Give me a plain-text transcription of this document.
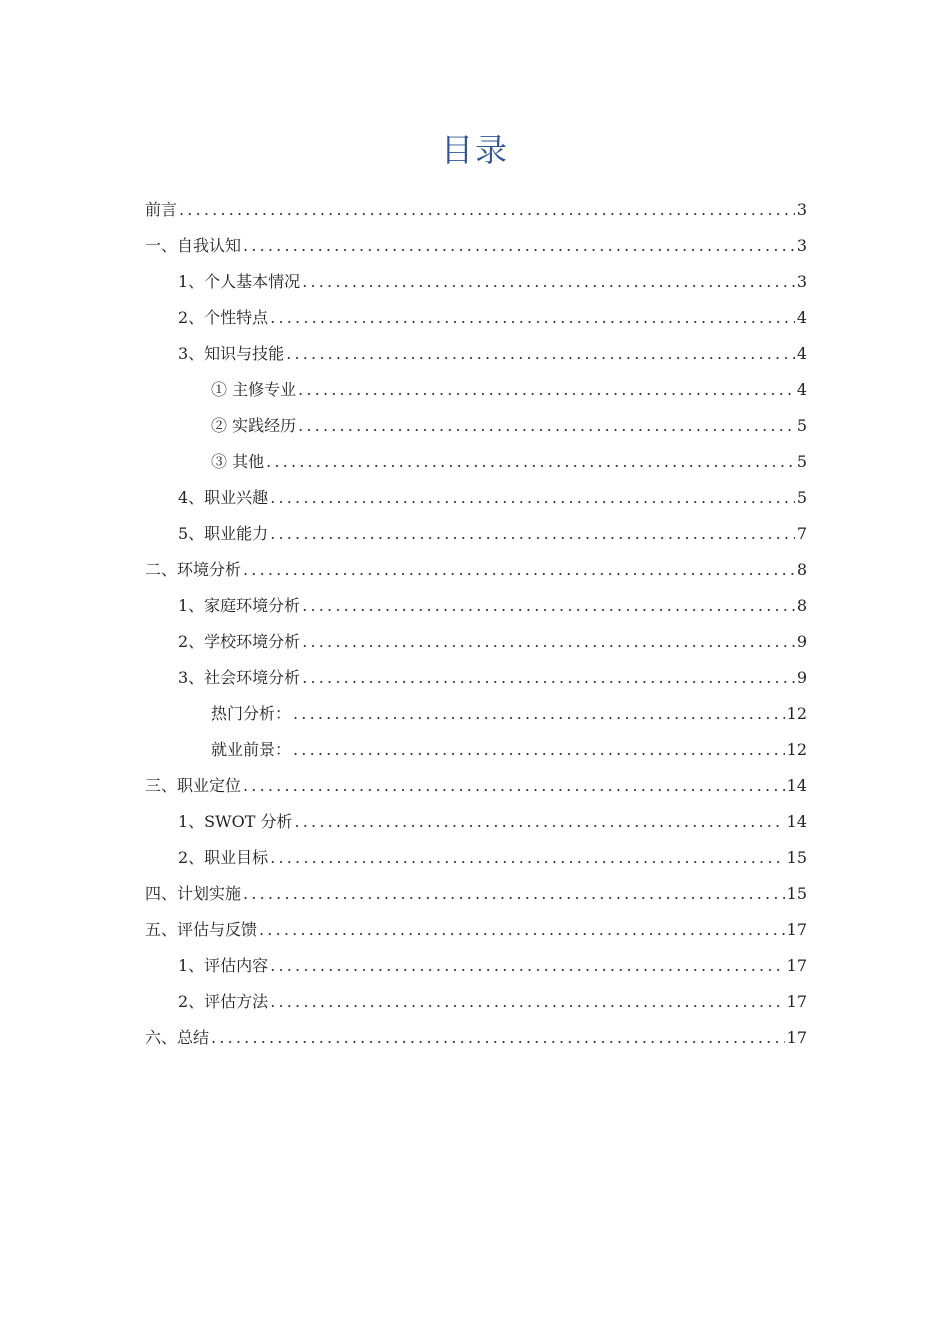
目录
前言 .....	3
一、自我认知 .....	3
1、个人基本情况 .....	3
2、个性特点 .....	4
3、知识与技能 .....	4
① 主修专业 .....	4
② 实践经历 .....	5
③ 其他 .....	5
4、职业兴趣 .....	5
5、职业能力 .....	7
二、环境分析 .....	8
1、家庭环境分析 .....	8
2、学校环境分析 .....	9
3、社会环境分析 .....	9
热门分析： .....	12
就业前景： .....	12
三、职业定位 .....	14
1、SWOT 分析 .....	14
2、职业目标 .....	15
四、计划实施 .....	15
五、评估与反馈 .....	17
1、评估内容 .....	17
2、评估方法 .....	17
六、总结 .....	17
